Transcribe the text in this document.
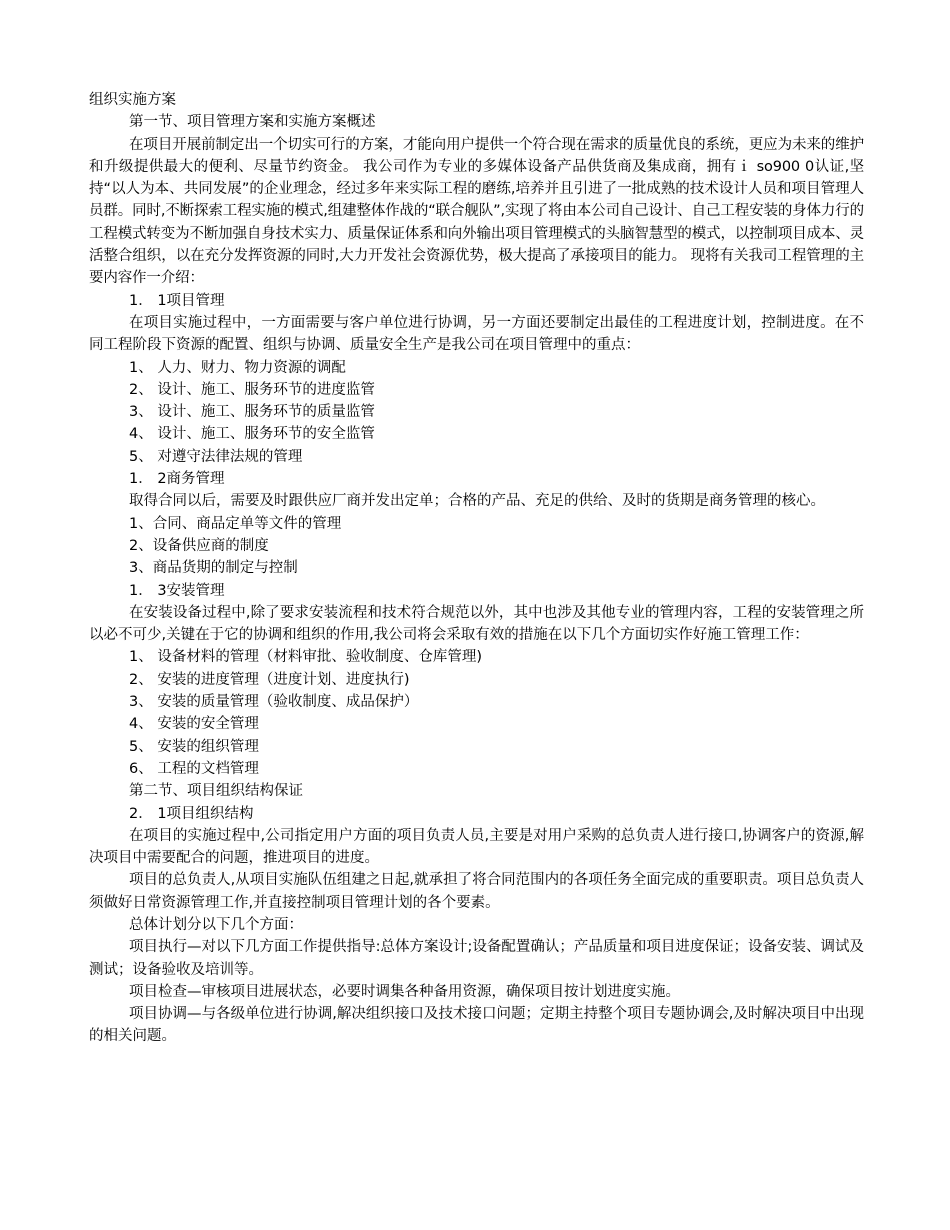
组织实施方案
第一节、项目管理方案和实施方案概述
在项目开展前制定出一个切实可行的方案，才能向用户提供一个符合现在需求的质量优良的系统，更应为未来的维护和升级提供最大的便利、尽量节约资金。 我公司作为专业的多媒体设备产品供货商及集成商，拥有ｉ so900 0认证,坚持“以人为本、共同发展”的企业理念，经过多年来实际工程的磨练,培养并且引进了一批成熟的技术设计人员和项目管理人员群。同时,不断探索工程实施的模式,组建整体作战的“联合舰队”,实现了将由本公司自己设计、自己工程安装的身体力行的工程模式转变为不断加强自身技术实力、质量保证体系和向外输出项目管理模式的头脑智慧型的模式，以控制项目成本、灵活整合组织，以在充分发挥资源的同时,大力开发社会资源优势，极大提高了承接项目的能力。 现将有关我司工程管理的主要内容作一介绍：
1． 1项目管理
在项目实施过程中，一方面需要与客户单位进行协调，另一方面还要制定出最佳的工程进度计划，控制进度。在不同工程阶段下资源的配置、组织与协调、质量安全生产是我公司在项目管理中的重点：
1、 人力、财力、物力资源的调配
2、 设计、施工、服务环节的进度监管
3、 设计、施工、服务环节的质量监管
4、 设计、施工、服务环节的安全监管
5、 对遵守法律法规的管理
1． 2商务管理
取得合同以后，需要及时跟供应厂商并发出定单；合格的产品、充足的供给、及时的货期是商务管理的核心。
1、合同、商品定单等文件的管理
2、设备供应商的制度
3、商品货期的制定与控制
1． 3安装管理
在安装设备过程中,除了要求安装流程和技术符合规范以外，其中也涉及其他专业的管理内容，工程的安装管理之所以必不可少,关键在于它的协调和组织的作用,我公司将会采取有效的措施在以下几个方面切实作好施工管理工作：
1、 设备材料的管理（材料审批、验收制度、仓库管理)
2、 安装的进度管理（进度计划、进度执行)
3、 安装的质量管理（验收制度、成品保护）
4、 安装的安全管理
5、 安装的组织管理
6、 工程的文档管理
第二节、项目组织结构保证
2． 1项目组织结构
在项目的实施过程中,公司指定用户方面的项目负责人员,主要是对用户采购的总负责人进行接口,协调客户的资源,解决项目中需要配合的问题，推进项目的进度。
项目的总负责人,从项目实施队伍组建之日起,就承担了将合同范围内的各项任务全面完成的重要职责。项目总负责人须做好日常资源管理工作,并直接控制项目管理计划的各个要素。
总体计划分以下几个方面：
项目执行—对以下几方面工作提供指导:总体方案设计;设备配置确认；产品质量和项目进度保证；设备安装、调试及测试；设备验收及培训等。
项目检查—审核项目进展状态，必要时调集各种备用资源，确保项目按计划进度实施。
项目协调—与各级单位进行协调,解决组织接口及技术接口问题；定期主持整个项目专题协调会,及时解决项目中出现的相关问题。
